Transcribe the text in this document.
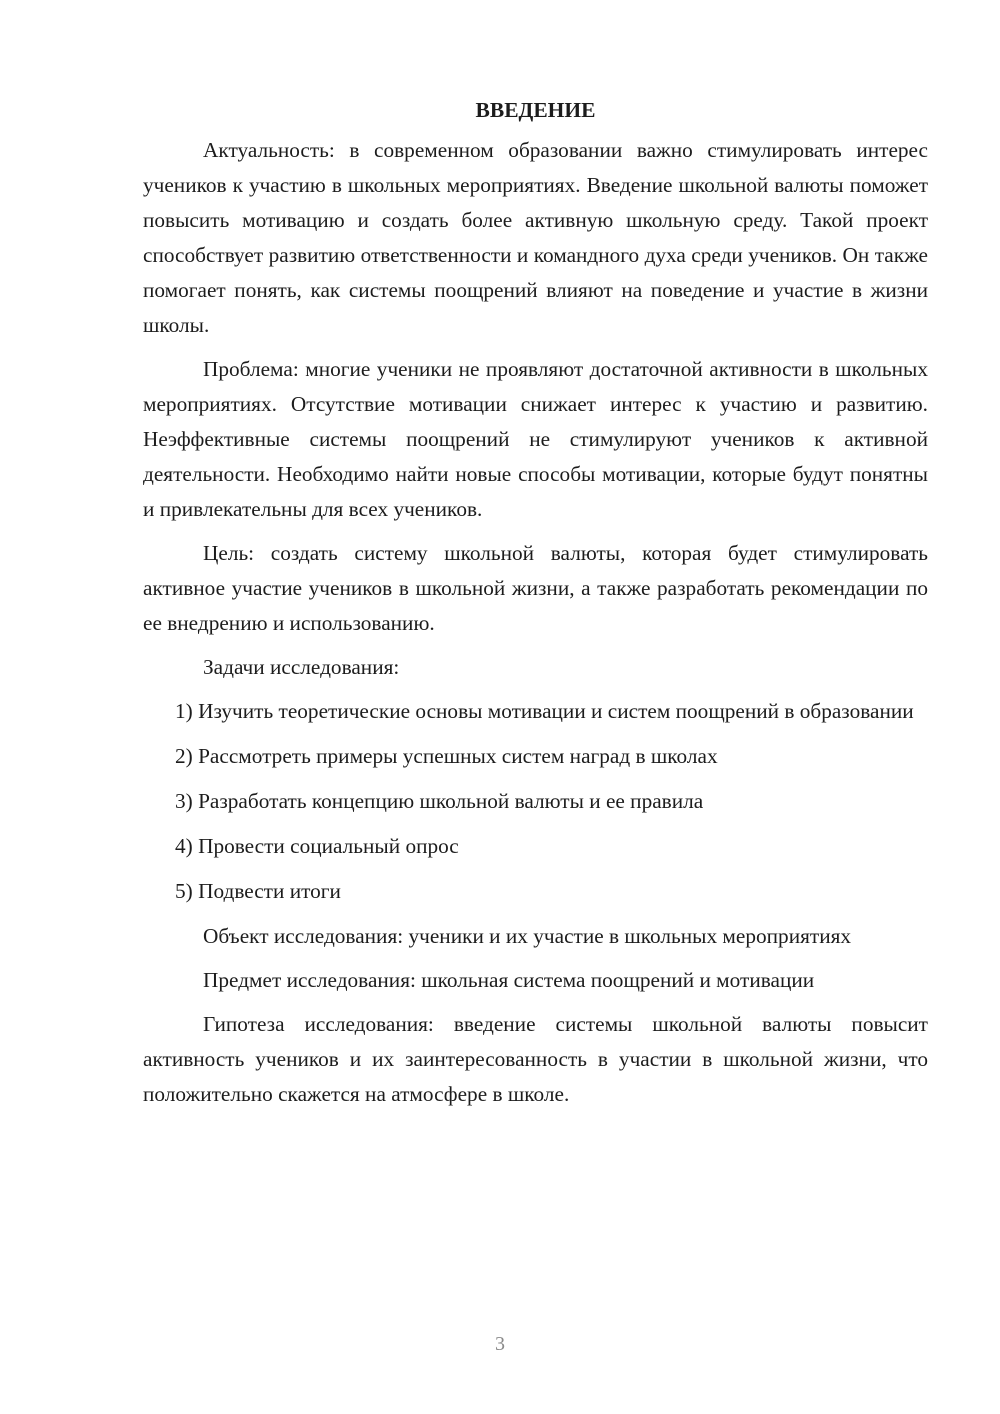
ВВЕДЕНИЕ

Актуальность: в современном образовании важно стимулировать интерес учеников к участию в школьных мероприятиях. Введение школьной валюты поможет повысить мотивацию и создать более активную школьную среду. Такой проект способствует развитию ответственности и командного духа среди учеников. Он также помогает понять, как системы поощрений влияют на поведение и участие в жизни школы.

Проблема: многие ученики не проявляют достаточной активности в школьных мероприятиях. Отсутствие мотивации снижает интерес к участию и развитию. Неэффективные системы поощрений не стимулируют учеников к активной деятельности. Необходимо найти новые способы мотивации, которые будут понятны и привлекательны для всех учеников.

Цель: создать систему школьной валюты, которая будет стимулировать активное участие учеников в школьной жизни, а также разработать рекомендации по ее внедрению и использованию.

Задачи исследования:

1) Изучить теоретические основы мотивации и систем поощрений в образовании

2) Рассмотреть примеры успешных систем наград в школах

3) Разработать концепцию школьной валюты и ее правила

4) Провести социальный опрос

5) Подвести итоги

Объект исследования: ученики и их участие в школьных мероприятиях

Предмет исследования: школьная система поощрений и мотивации

Гипотеза исследования: введение системы школьной валюты повысит активность учеников и их заинтересованность в участии в школьной жизни, что положительно скажется на атмосфере в школе.

3
